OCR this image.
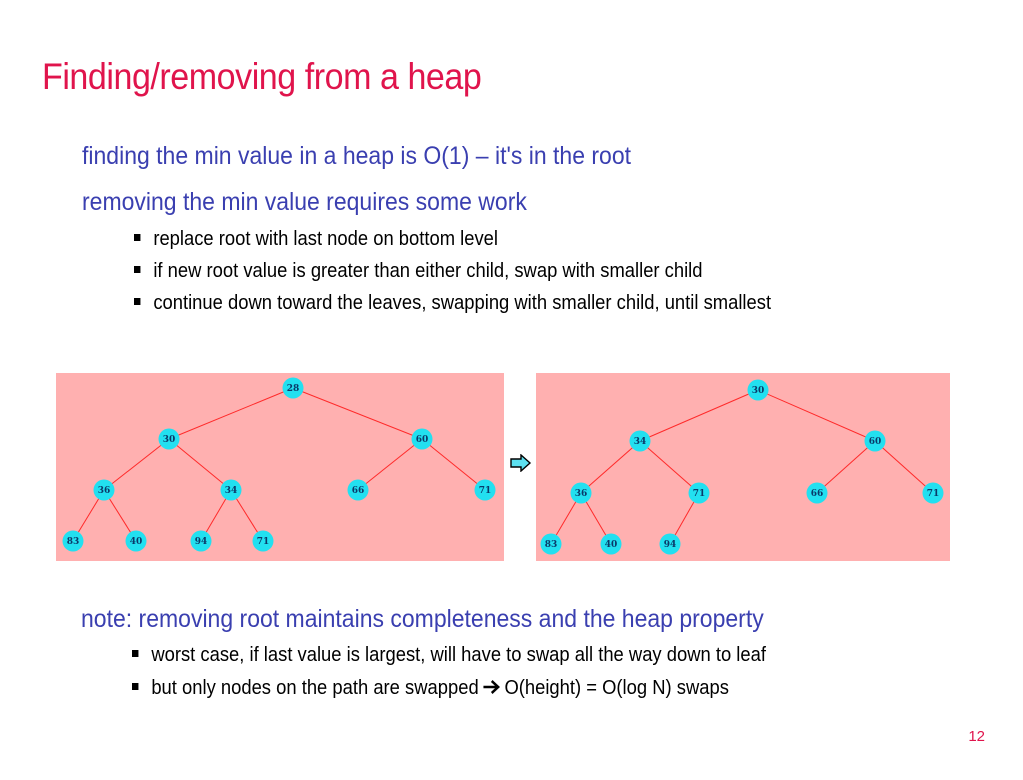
Finding/removing from a heap
finding the min value in a heap is O(1) – it's in the root
removing the min value requires some work
replace root with last node on bottom level
if new root value is greater than either child, swap with smaller child
continue down toward the leaves, swapping with smaller child, until smallest
28
30	60
36	34	66	71
83	40	94	71
30
34	60
36	71	66	71
83	40	94
note: removing root maintains completeness and the heap property
worst case, if last value is largest, will have to swap all the way down to leaf
but only nodes on the path are swapped O(height) = O(log N) swaps
12
